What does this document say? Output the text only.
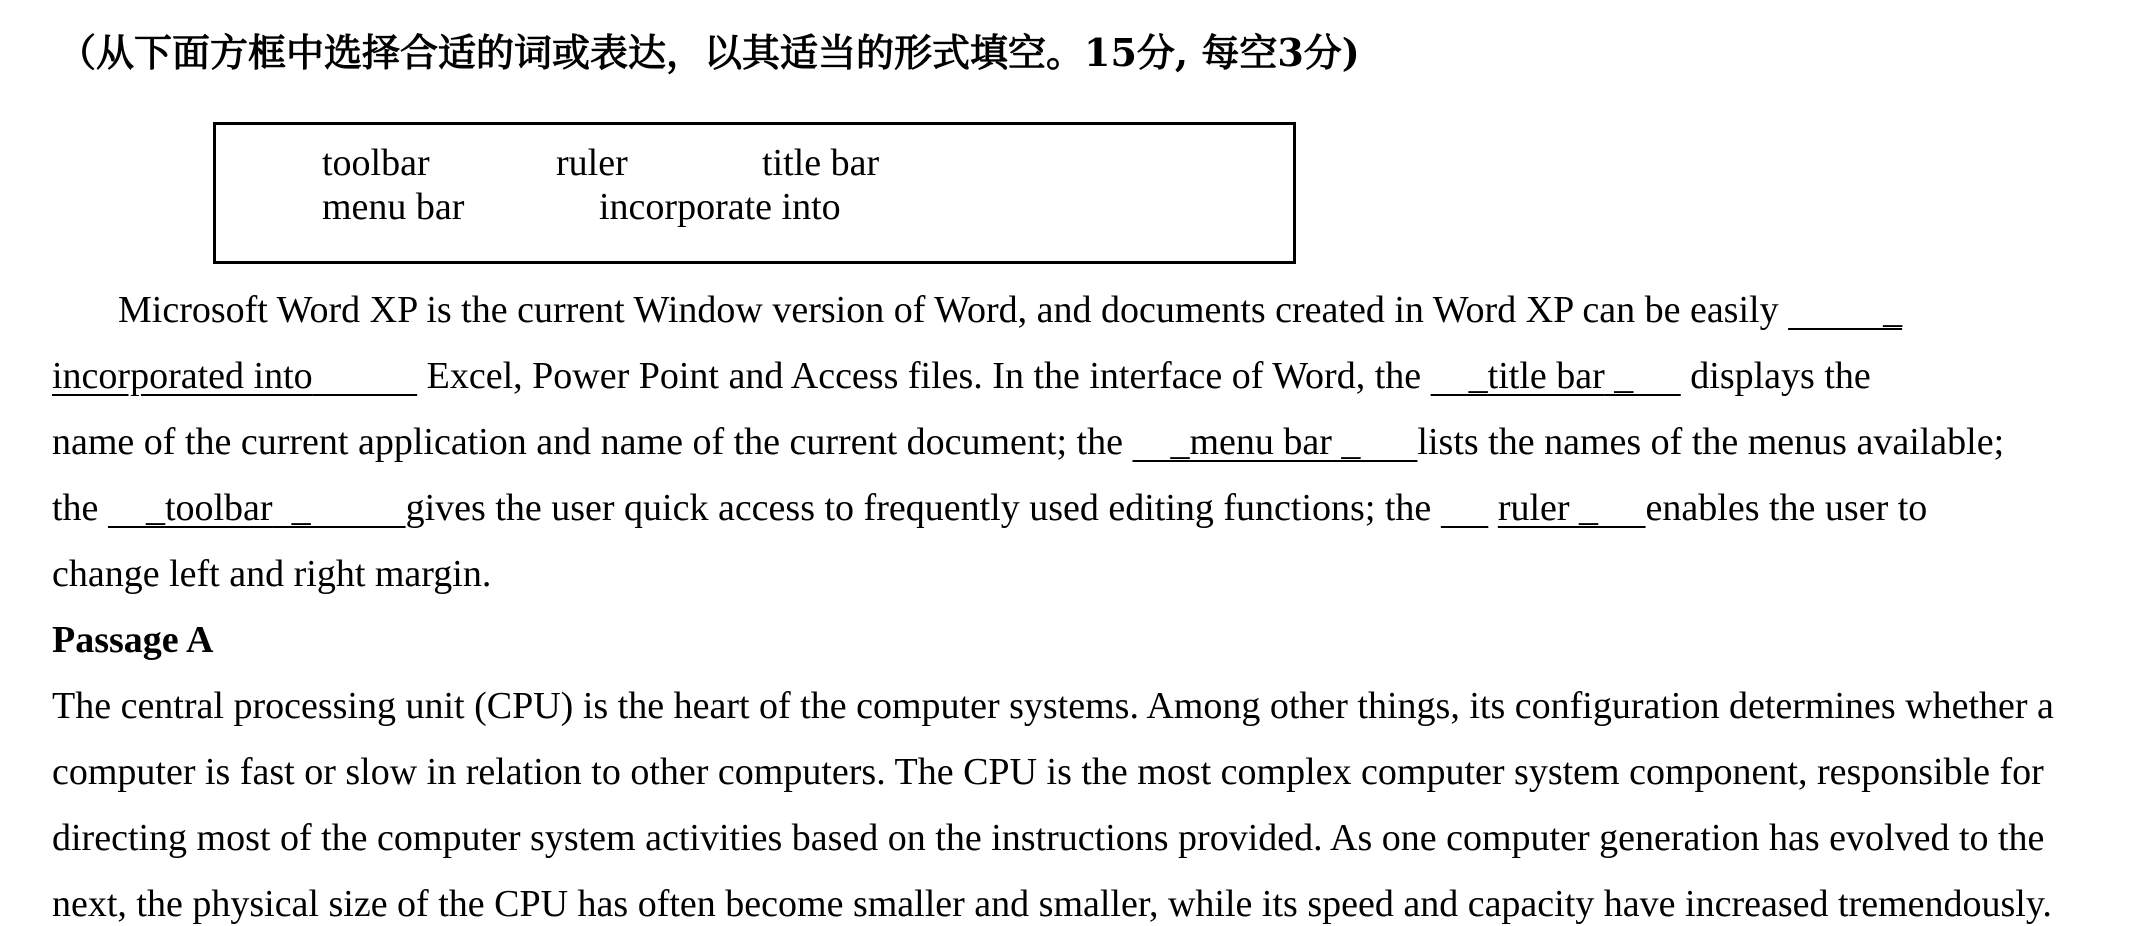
（从下面方框中选择合适的词或表达，以其适当的形式填空。15分, 每空3分)
toolbar	ruler	title bar
menu bar	incorporate into
Microsoft Word XP is the current Window version of Word, and documents created in Word XP can be easily           _
incorporated into	Excel, Power Point and Access files. In the interface of Word, the     _title bar _      displays the
name of the current application and name of the current document; the     _menu bar _      lists the names of the menus available;
the     _toolbar  _          gives the user quick access to frequently used editing functions; the ruler _     enables the user to
change left and right margin.
Passage A
The central processing unit (CPU) is the heart of the computer systems. Among other things, its configuration determines whether a
computer is fast or slow in relation to other computers. The CPU is the most complex computer system component, responsible for
directing most of the computer system activities based on the instructions provided. As one computer generation has evolved to the
next, the physical size of the CPU has often become smaller and smaller, while its speed and capacity have increased tremendously.
